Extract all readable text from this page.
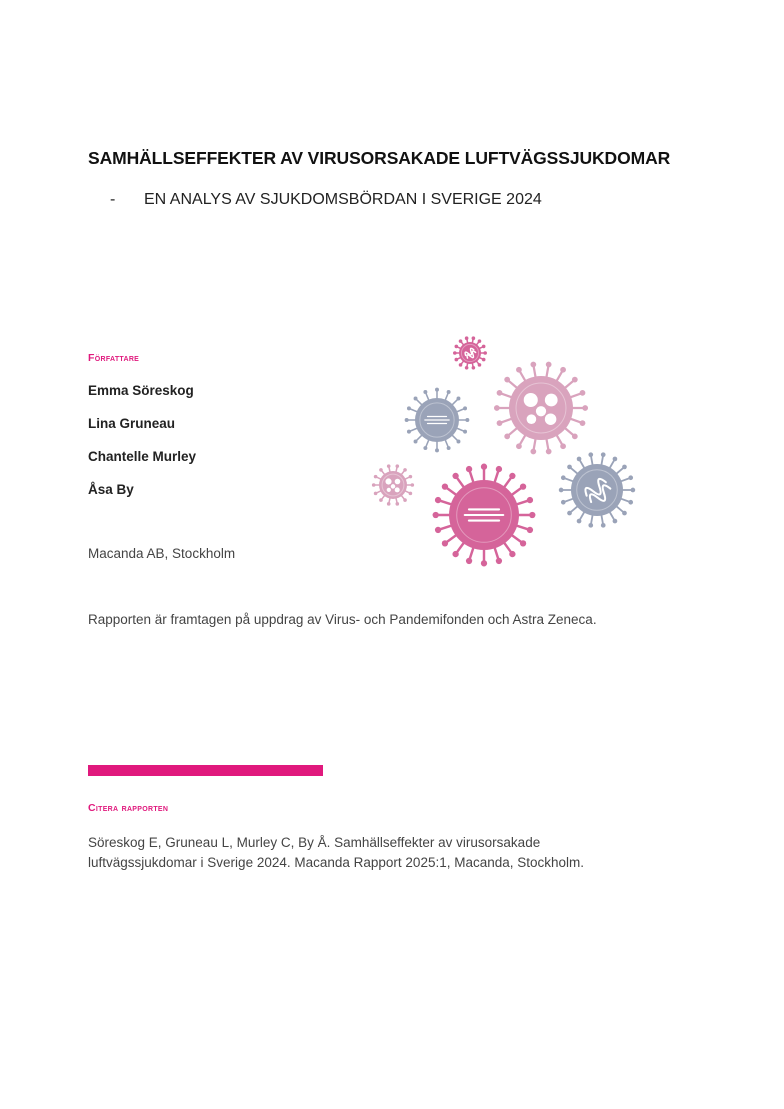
SAMHÄLLSEFFEKTER AV VIRUSORSAKADE LUFTVÄGSSJUKDOMAR

- EN ANALYS AV SJUKDOMSBÖRDAN I SVERIGE 2024

Författare
Emma Söreskog
Lina Gruneau
Chantelle Murley
Åsa By
Macanda AB, Stockholm
Rapporten är framtagen på uppdrag av Virus- och Pandemifonden och Astra Zeneca.
Citera rapporten
Söreskog E, Gruneau L, Murley C, By Å. Samhällseffekter av virusorsakade luftvägssjukdomar i Sverige 2024. Macanda Rapport 2025:1, Macanda, Stockholm.
